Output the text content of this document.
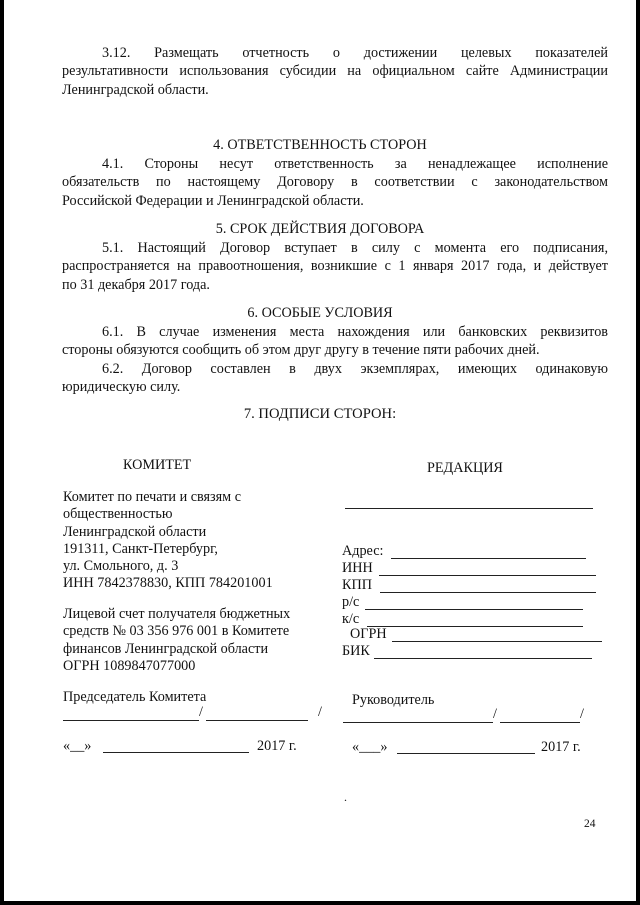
3.12. Размещать отчетность о достижении целевых показателей
результативности использования субсидии на официальном сайте Администрации
Ленинградской области.
4. ОТВЕТСТВЕННОСТЬ СТОРОН
4.1. Стороны несут ответственность за ненадлежащее исполнение
обязательств по настоящему Договору в соответствии с законодательством
Российской Федерации и Ленинградской области.
5. СРОК ДЕЙСТВИЯ ДОГОВОРА
5.1. Настоящий Договор вступает в силу с момента его подписания,
распространяется на правоотношения, возникшие с 1 января 2017 года, и действует
по 31 декабря 2017 года.
6. ОСОБЫЕ УСЛОВИЯ
6.1. В случае изменения места нахождения или банковских реквизитов
стороны обязуются сообщить об этом друг другу в течение пяти рабочих дней.
6.2. Договор составлен в двух экземплярах, имеющих одинаковую
юридическую силу.
7. ПОДПИСИ СТОРОН:
КОМИТЕТ
Комитет по печати и связям с
общественностью
Ленинградской области
191311, Санкт-Петербург,
ул. Смольного, д. 3
ИНН 7842378830, КПП 784201001
Лицевой счет получателя бюджетных
средств № 03 356 976 001 в Комитете
финансов Ленинградской области
ОГРН 1089847077000
Председатель Комитета
/	/
«__»	2017 г.
РЕДАКЦИЯ
Адрес:
ИНН
КПП
р/с
к/с
ОГРН
БИК
Руководитель
/	/
«___»	2017 г.
.
24
